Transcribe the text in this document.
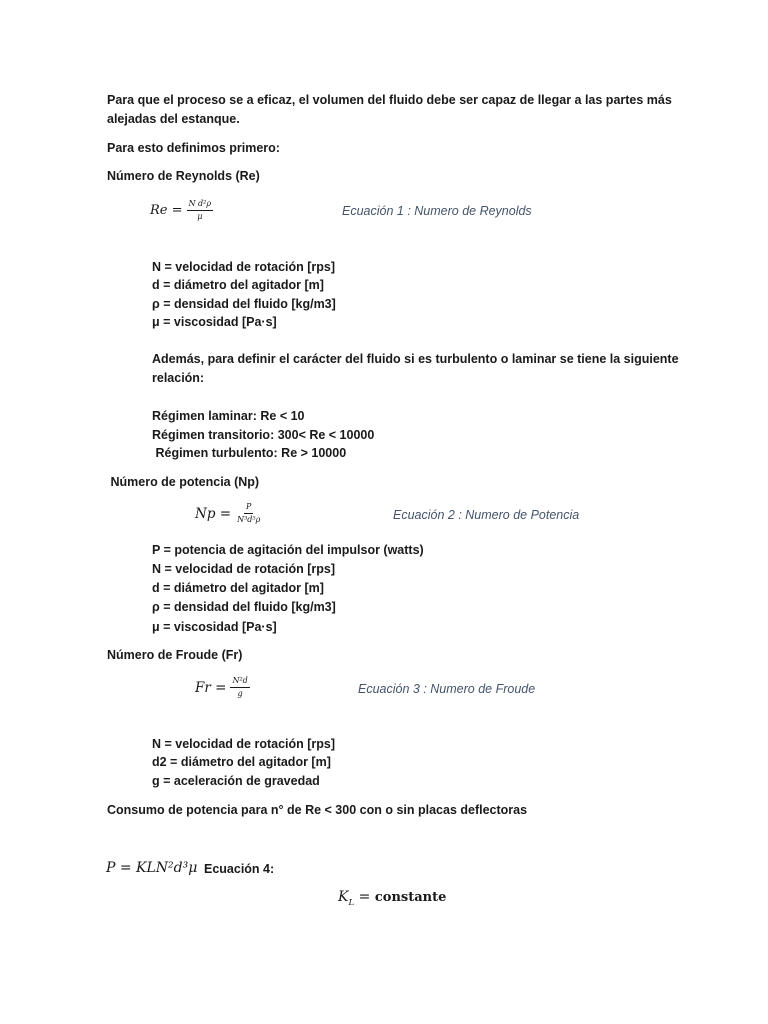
Para que el proceso se a eficaz, el volumen del fluido debe ser capaz de llegar a las partes más
alejadas del estanque.
Para esto definimos primero:
Número de Reynolds (Re)
$Re = \frac{\text{N d²ρ}}{\mu}$	Ecuación 1 : Numero de Reynolds
N = velocidad de rotación [rps]
d = diámetro del agitador [m]
ρ = densidad del fluido [kg/m3]
μ = viscosidad [Pa·s]
Además, para definir el carácter del fluido si es turbulento o laminar se tiene la siguiente
relación:
Régimen laminar: Re < 10
Régimen transitorio: 300< Re < 10000
Régimen turbulento: Re > 10000
Número de potencia (Np)
$Np = \frac{P}{\text{N³d⁵ρ}}$	Ecuación 2 : Numero de Potencia
P = potencia de agitación del impulsor (watts)
N = velocidad de rotación [rps]
d = diámetro del agitador [m]
ρ = densidad del fluido [kg/m3]
μ = viscosidad [Pa·s]
Número de Froude (Fr)
$Fr = \frac{\text{N²d}}{g}$	Ecuación 3 : Numero de Froude
N = velocidad de rotación [rps]
d2 = diámetro del agitador [m]
g = aceleración de gravedad
Consumo de potencia para n° de Re < 300 con o sin placas deflectoras
P = KLN²d³μ Ecuación 4:
$K_L$ = constante
